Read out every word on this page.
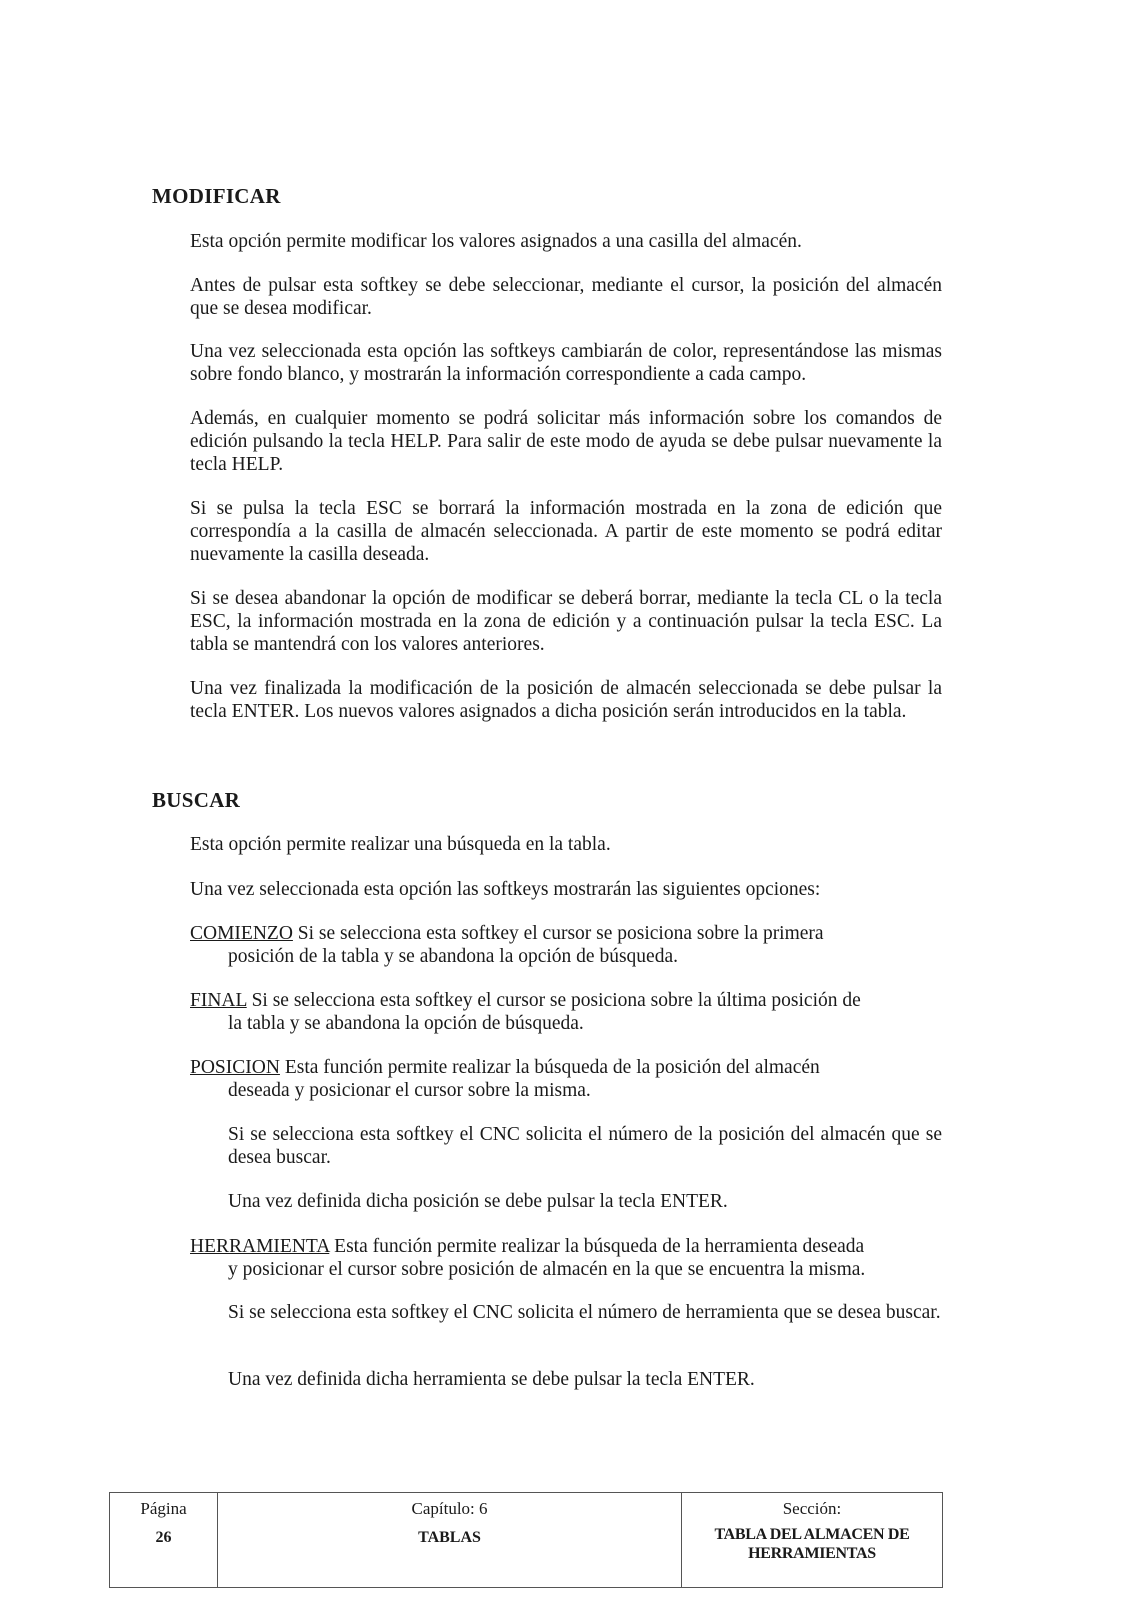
MODIFICAR

Esta opción permite modificar los valores asignados a una casilla del almacén.

Antes de pulsar esta softkey se debe seleccionar, mediante el cursor, la posición del almacén que se desea modificar.

Una vez seleccionada esta opción las softkeys cambiarán de color, representándose las mismas sobre fondo blanco, y mostrarán la información correspondiente a cada campo.

Además, en cualquier momento se podrá solicitar más información sobre los comandos de edición pulsando la tecla HELP. Para salir de este modo de ayuda se debe pulsar nuevamente la tecla HELP.

Si se pulsa la tecla ESC se borrará la información mostrada en la zona de edición que correspondía a la casilla de almacén seleccionada. A partir de este momento se podrá editar nuevamente la casilla deseada.

Si se desea abandonar la opción de modificar se deberá borrar, mediante la tecla CL o la tecla ESC, la información mostrada en la zona de edición y a continuación pulsar la tecla ESC. La tabla se mantendrá con los valores anteriores.

Una vez finalizada la modificación de la posición de almacén seleccionada se debe pulsar la tecla ENTER. Los nuevos valores asignados a dicha posición serán introducidos en la tabla.

BUSCAR

Esta opción permite realizar una búsqueda en la tabla.

Una vez seleccionada esta opción las softkeys mostrarán las siguientes opciones:

COMIENZO Si se selecciona esta softkey el cursor se posiciona sobre la primera
posición de la tabla y se abandona la opción de búsqueda.

FINAL Si se selecciona esta softkey el cursor se posiciona sobre la última posición de
la tabla y se abandona la opción de búsqueda.

POSICION Esta función permite realizar la búsqueda de la posición del almacén
deseada y posicionar el cursor sobre la misma.

Si se selecciona esta softkey el CNC solicita el número de la posición del almacén que se desea buscar.

Una vez definida dicha posición se debe pulsar la tecla ENTER.

HERRAMIENTA Esta función permite realizar la búsqueda de la herramienta deseada
y posicionar el cursor sobre posición de almacén en la que se encuentra la misma.

Si se selecciona esta softkey el CNC solicita el número de herramienta que se desea buscar.

Una vez definida dicha herramienta se debe pulsar la tecla ENTER.

Página
26

Capítulo: 6
TABLAS

Sección:
TABLA DEL ALMACEN DE
HERRAMIENTAS
